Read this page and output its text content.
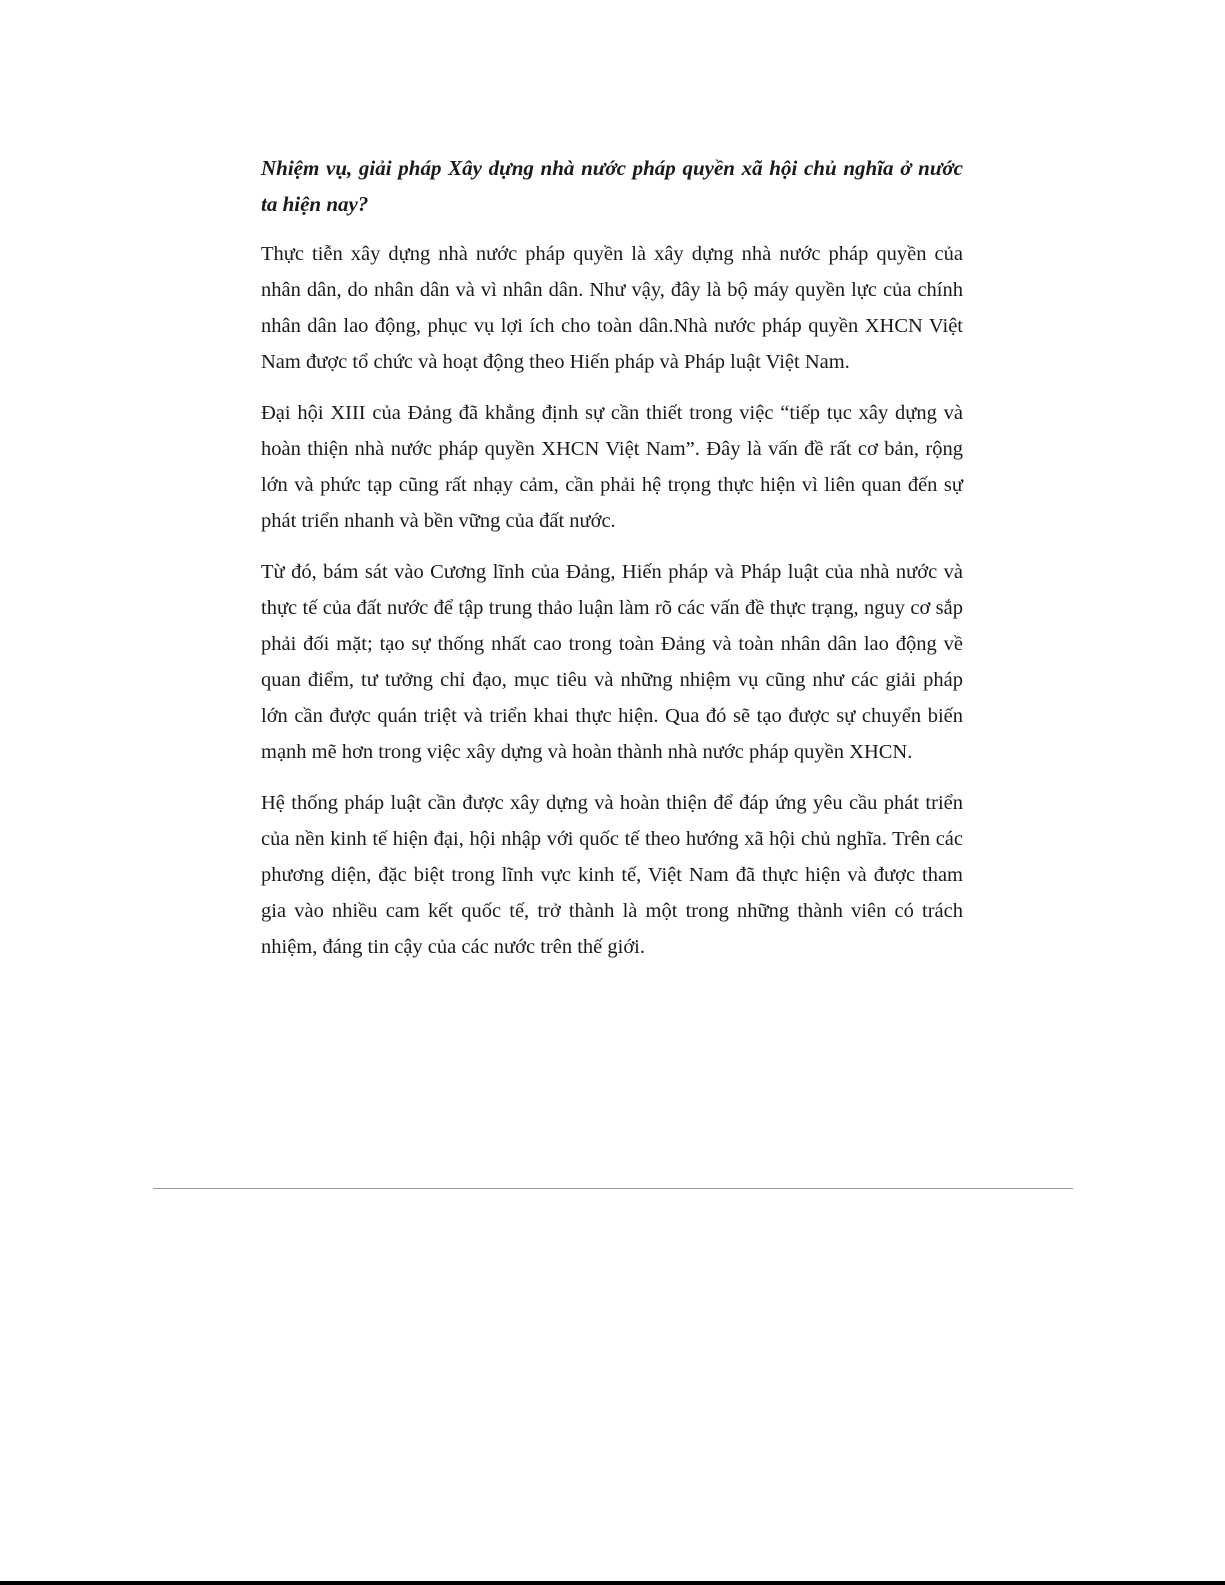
Nhiệm vụ, giải pháp Xây dựng nhà nước pháp quyền xã hội chủ nghĩa ở nước ta hiện nay?

Thực tiễn xây dựng nhà nước pháp quyền là xây dựng nhà nước pháp quyền của nhân dân, do nhân dân và vì nhân dân. Như vậy, đây là bộ máy quyền lực của chính nhân dân lao động, phục vụ lợi ích cho toàn dân.Nhà nước pháp quyền XHCN Việt Nam được tổ chức và hoạt động theo Hiến pháp và Pháp luật Việt Nam.

Đại hội XIII của Đảng đã khẳng định sự cần thiết trong việc “tiếp tục xây dựng và hoàn thiện nhà nước pháp quyền XHCN Việt Nam”. Đây là vấn đề rất cơ bản, rộng lớn và phức tạp cũng rất nhạy cảm, cần phải hệ trọng thực hiện vì liên quan đến sự phát triển nhanh và bền vững của đất nước.

Từ đó, bám sát vào Cương lĩnh của Đảng, Hiến pháp và Pháp luật của nhà nước và thực tế của đất nước để tập trung thảo luận làm rõ các vấn đề thực trạng, nguy cơ sắp phải đối mặt; tạo sự thống nhất cao trong toàn Đảng và toàn nhân dân lao động về quan điểm, tư tưởng chỉ đạo, mục tiêu và những nhiệm vụ cũng như các giải pháp lớn cần được quán triệt và triển khai thực hiện. Qua đó sẽ tạo được sự chuyển biến mạnh mẽ hơn trong việc xây dựng và hoàn thành nhà nước pháp quyền XHCN.

Hệ thống pháp luật cần được xây dựng và hoàn thiện để đáp ứng yêu cầu phát triển của nền kinh tế hiện đại, hội nhập với quốc tế theo hướng xã hội chủ nghĩa. Trên các phương diện, đặc biệt trong lĩnh vực kinh tế, Việt Nam đã thực hiện và được tham gia vào nhiều cam kết quốc tế, trở thành là một trong những thành viên có trách nhiệm, đáng tin cậy của các nước trên thế giới.
